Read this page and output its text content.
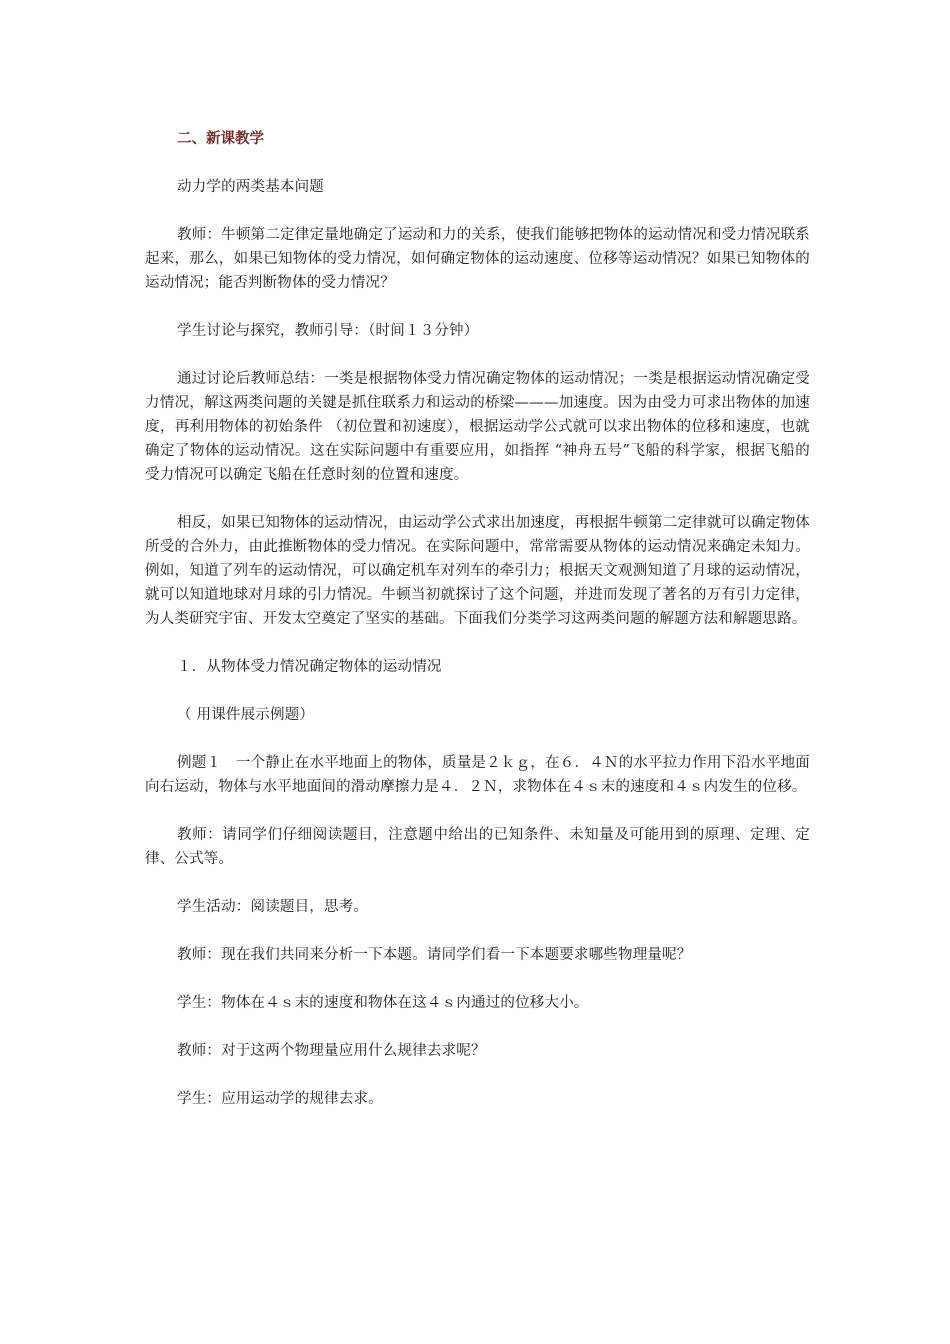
二、新课教学

动力学的两类基本问题

教师：牛顿第二定律定量地确定了运动和力的关系，使我们能够把物体的运动情况和受力情况联系起来，那么，如果已知物体的受力情况，如何确定物体的运动速度、位移等运动情况？如果已知物体的运动情况；能否判断物体的受力情况？

学生讨论与探究，教师引导：（时间１３分钟）

通过讨论后教师总结：一类是根据物体受力情况确定物体的运动情况；一类是根据运动情况确定受力情况，解这两类问题的关键是抓住联系力和运动的桥梁———加速度。因为由受力可求出物体的加速度，再利用物体的初始条件 （初位置和初速度），根据运动学公式就可以求出物体的位移和速度，也就确定了物体的运动情况。这在实际问题中有重要应用，如指挥 “神舟五号”飞船的科学家，根据飞船的受力情况可以确定飞船在任意时刻的位置和速度。

相反，如果已知物体的运动情况，由运动学公式求出加速度，再根据牛顿第二定律就可以确定物体所受的合外力，由此推断物体的受力情况。在实际问题中，常常需要从物体的运动情况来确定未知力。例如，知道了列车的运动情况，可以确定机车对列车的牵引力；根据天文观测知道了月球的运动情况，就可以知道地球对月球的引力情况。牛顿当初就探讨了这个问题，并进而发现了著名的万有引力定律，为人类研究宇宙、开发太空奠定了坚实的基础。下面我们分类学习这两类问题的解题方法和解题思路。

１．从物体受力情况确定物体的运动情况

（ 用课件展示例题）

例题１　一个静止在水平地面上的物体，质量是２ｋｇ，在６．４Ｎ的水平拉力作用下沿水平地面向右运动，物体与水平地面间的滑动摩擦力是４．２Ｎ，求物体在４ｓ末的速度和４ｓ内发生的位移。

教师：请同学们仔细阅读题目，注意题中给出的已知条件、未知量及可能用到的原理、定理、定律、公式等。

学生活动：阅读题目，思考。

教师：现在我们共同来分析一下本题。请同学们看一下本题要求哪些物理量呢？

学生：物体在４ｓ末的速度和物体在这４ｓ内通过的位移大小。

教师：对于这两个物理量应用什么规律去求呢？

学生：应用运动学的规律去求。
